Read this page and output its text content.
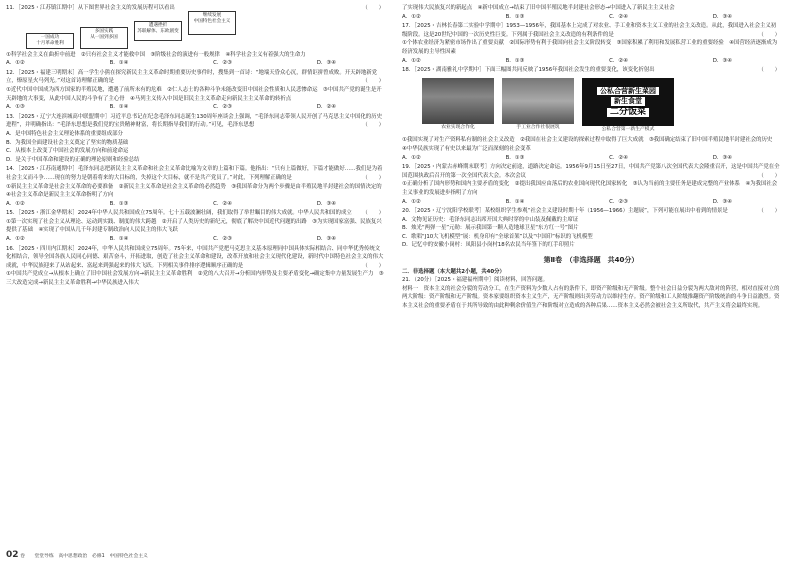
11．［2025・江苏镇江期中］从下图世界社会主义的发展历程可以看出	（　　）
一国成功
十月革命胜利
多国实践
从一国到多国
遭遇挫折
苏联解体、东欧剧变
继续发展
中国特色社会主义
①科学社会主义在曲折中前进　②只有社会主义才能救中国　③阶级社会的演进有一般规律　④科学社会主义有着强大的生命力
A．①②	B．①④	C．②③	D．③④
12．［2025・福建三明期末］高一学生小熊在探究新民主主义革命时期重要历史事件时，搜集到一首诗：“地端天昏众心沉，群情讵拼曾成败。开天辟地新党立，燎原星火马列光。”对这首诗理解正确的是	（　　）
①近代中国中国成为西方国家的半殖民地，遭遇了前所未有的危难　②仁人志士的各种斗争未能改变旧中国社会性质和人民悲惨命运　③中国共产党的诞生是开天辟地的大事变，从此中国人民的斗争有了主心骨　④马列主义传入中国是旧民主主义革命走向新民主主义革命的转折点
A．①③	B．①④	C．②③	D．②④
13．［2025・辽宁大连滨城高中联盟期中］习近平总书记在纪念毛泽东同志诞生130周年座谈会上强调，“毛泽东同志带领人民开创了马克思主义中国化的历史进程”，并明确指出：“毛泽东思想是我们党的宝贵精神财富，将长期指导我们的行动。”可见，毛泽东思想	（　　）
A．是中国特色社会主义理论体系的重要组成部分
B．为我国全面建设社会主义奠定了坚实的物质基础
C．从根本上改变了中国社会的发展方向和前途命运
D．是关于中国革命和建设的正确的理论原则和经验总结
14．［2025・江苏南通期中］毛泽东同志把新民主主义革命和社会主义革命比喻为文章的上篇和下篇。他指出：“只有上篇做好，下篇才能做好……我们是为着社会主义而斗争……现在的努力是朝着将来的大目标的，失掉这个大目标，就不是共产党员了。”对此，下列理解正确的是	（　　）
①新民主主义革命是社会主义革命的必要准备　②新民主主义革命是社会主义革命的必然趋势　③我国革命分为两个步骤是由半殖民地半封建社会的国情决定的　④社会主义革命是新民主主义革命指明了方向
A．①②	B．①③	C．②④	D．③④
15．［2025・浙江金华期末］2024年中华人民共和国成立75周年。七十五载波澜壮阔，我们取得了举世瞩目的伟大成就。中华人民共和国的成立 （　　）
①第一次实现了社会主义从理论、运动到实践、制度的伟大跨越　②开启了人类历史的新纪元，彻底了解决中国近代问题的出路　③为实现国家富强、民族复兴提供了基础　④实现了中国从几千年封建专制政治向人民民主的伟大飞跃
A．①②	B．①④	C．②③	D．③④
16．［2025・四川内江期末］2024年，中华人民共和国成立75周年。75年来，中国共产党把马克思主义基本原理同中国具体实际相结合、同中华优秀传统文化相结合，领导全国各族人民同心同德、艰苦奋斗，开拓进取，创造了社会主义革命和建设，改革开放和社会主义现代化建设，新时代中国特色社会主义的伟大成就，中华民族迎来了从站起来、富起来到强起来的伟大飞跃。下列相关事件排序逻辑顺序正确的是	（　　）
①中国共产党成立→从根本上确立了旧中国社会发展方向→新民主主义革命胜利　②党的八大召开→分析国内形势及主要矛盾变化→确定集中力量发展生产力　③三大改造完成→新民主主义革命胜利→中华民族进入伟大
了实现伟大民族复兴的新起点　④新中国成立→结束了旧中国半殖民地半封建社会形态→中国进入了新民主主义社会
A．①②	B．①③	C．②④	D．③④
17．［2025・吉林长春第二实验中学期中］1953—1956年，我国基本上完成了对农业、手工业和资本主义工业的社会主义改造。从此，我国进入社会主义初级阶段。这是20世纪中国的一次历史性巨变。下列属于我国社会主义改造的有利条件的是	（　　）
①个体农业经济为紧密市场作出了重要贡献　②国际形势有利于我国向社会主义阶段转变　③国家积累了利用和发展私营工业的重要经验　④国营经济逐渐成为经济发展的主导性因素
A．①②	B．①③	C．②④	D．③④
18．［2025・湖南雅礼中学期中］下面三幅图共同反映了1956年我国社会发生的重要变化，该变化折射出	（　　）
农业实现合作化	手工业合作社很展筑
公私合营新生菜园
新生食堂
二分饭菜
公私合营第一新生产模式
①我国实现了对生产资料私有制的社会主义改造　②我国在社会主义建设的探索过程中取得了巨大成就　③我国确定结束了旧中国半殖民地半封建社会的历史　④中华民族实现了有史以来最为广泛而深刻的社会变革
A．①②	B．①③	C．②④	D．③④
19．［2025・内蒙古赤峰期末联考］方向决定前途，道路决定命运。1956年9月15日至27日，中国共产党第八次全国代表大会隆重召开，这是中国共产党在全国范围执政后召开的第一次全国代表大会。本次会议	（　　）
①正确分析了国内形势和国内主要矛盾的变化　②提出我国应由落后的农业国向现代化国家转化　③认为当前的主要任务是建成完整的产业体系　④为我国社会主义事业的发展进步指明了方向
A．①②	B．①④	C．②③	D．③④
20．［2025・辽宁沈阳学校联考］某校组织学生参观“社会主义建设时期十年（1956—1966）主题展”，下列可能在展出中看到的情景是	（　　）
A．文物见证历史：毛泽东同志出席开国大典时穿的中山装及佩戴的主席证
B．烛光“两弹一星”元勋：展示我国第一颗人造地球卫星“东方红一号”图片
C．歌唱“J10大飞机模型”展：机身印有“全球首架”以及“中国印”标识的飞机模型
D．记忆中的安徽小岗村：凤阳县小岗村18名农民当年签下的红手印照片
第Ⅱ卷　（非选择题　共40分）
二．非选择题（本大题共2小题，共40分）
21．（20分）［2025・福建福州期中］阅读材料，回答问题。
材料一　资本主义的社会分裂的劳动分工，在生产资料为少数人占有的条件下，即资产阶级和无产阶级。整个社会日益分裂为两大敌对的阵营，相对直接对立的两大阶级：资产阶级和无产阶级。资本家要组织资本主义生产，无产阶级则出卖劳动力以维持生存。资产阶级和工人阶级推翻资产阶级统治的斗争日益激烈。资本主义社会的重要矛盾在于其所导致的由此种剩余价值生产和阶级对立造成的各种后果……资本主义必然会被社会主义所取代，共产主义将会最终实现。
02 卷　　堂堂导练　高中思想政治　必修1　中国特色社会主义
